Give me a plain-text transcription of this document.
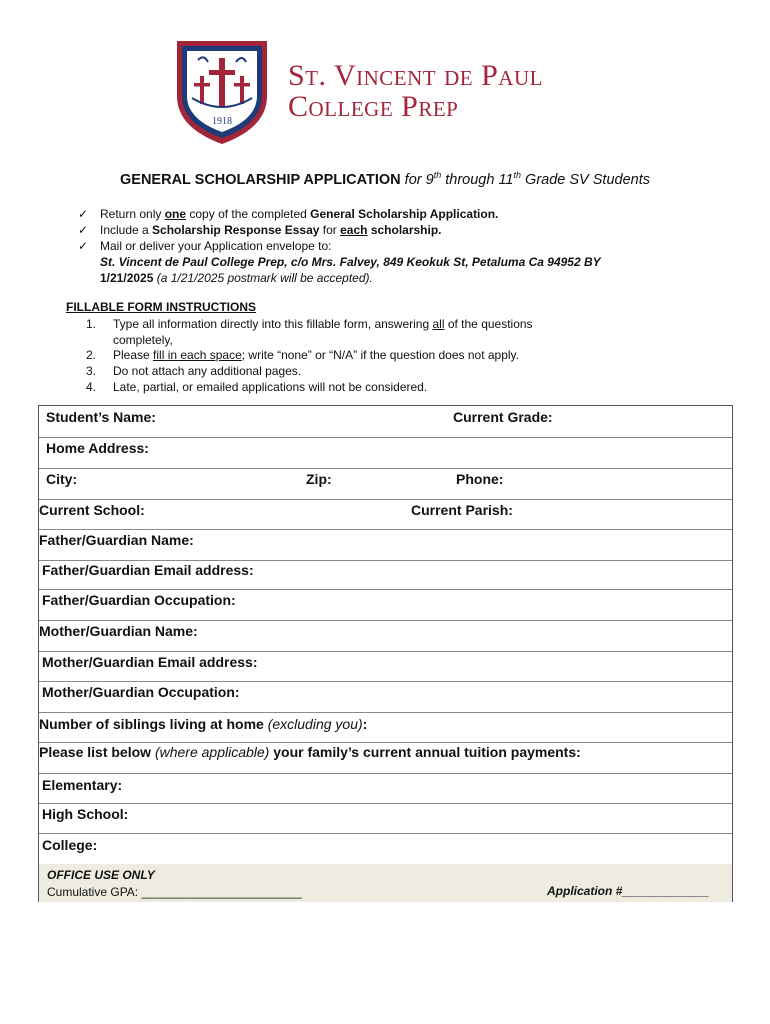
1918
St. Vincent de Paul
College Prep
GENERAL SCHOLARSHIP APPLICATION for 9th through 11th Grade SV Students
✓ Return only one copy of the completed General Scholarship Application.
✓ Include a Scholarship Response Essay for each scholarship.
✓ Mail or deliver your Application envelope to:
St. Vincent de Paul College Prep, c/o Mrs. Falvey, 849 Keokuk St, Petaluma Ca 94952 BY
1/21/2025 (a 1/21/2025 postmark will be accepted).
FILLABLE FORM INSTRUCTIONS
1.	Type all information directly into this fillable form, answering all of the questions
completely,
2.	Please fill in each space; write “none” or “N/A” if the question does not apply.
3.	Do not attach any additional pages.
4.	Late, partial, or emailed applications will not be considered.
Student’s Name:	Current Grade:
Home Address:
City:	Zip:	Phone:
Current School:	Current Parish:
Father/Guardian Name:
Father/Guardian Email address:
Father/Guardian Occupation:
Mother/Guardian Name:
Mother/Guardian Email address:
Mother/Guardian Occupation:
Number of siblings living at home (excluding you):
Please list below (where applicable) your family’s current annual tuition payments:
Elementary:
High School:
College:
OFFICE USE ONLY
Cumulative GPA: ________________________	Application #_____________
